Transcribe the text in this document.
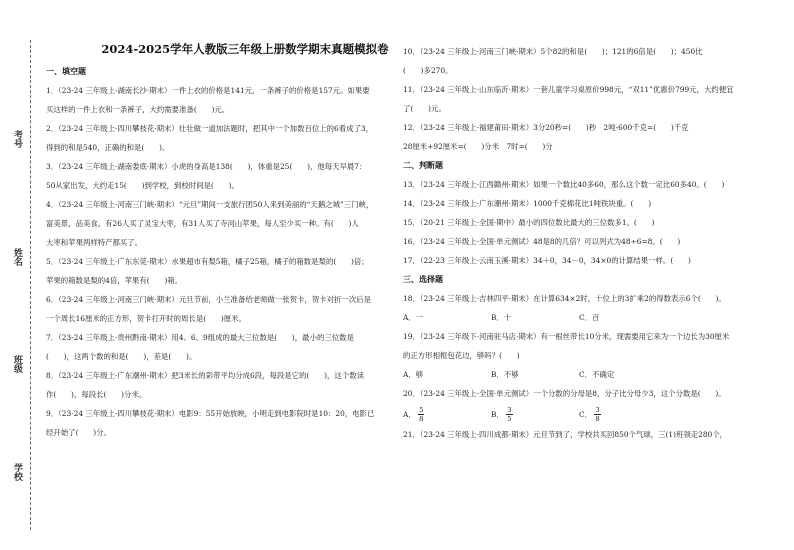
考号
姓名
班级
学校
2024-2025学年人教版三年级上册数学期末真题模拟卷

一、填空题

1．（23-24 三年级上·湖南长沙·期末）一件上衣的价格是141元，一条裤子的价格是157元。如果要

买这样的一件上衣和一条裤子，大约需要准备(　　)元。

2．（23-24 三年级上·四川攀枝花·期末）壮壮做一道加法题时，把其中一个加数百位上的6看成了3，

得到的和是540，正确的和是(　　)。

3．（23-24 三年级上·湖南娄底·期末）小虎的身高是138(　　)，体重是25(　　)，他每天早晨7：

50从家出发，大约走15(　　)到学校，到校时间是(　　)。

4．（23-24 三年级上·河南三门峡·期末）“元旦”期间一支旅行团50人来到美丽的“天鹅之城”三门峡，

富美景，品美食。有26人买了灵宝大枣，有31人买了寺河山苹果，每人至少买一种。有(　　)人

大枣和苹果两样特产都买了。

5．（23-24 三年级上·广东东莞·期末）水果超市有梨5箱，橘子25箱，橘子的箱数是梨的(　　)倍；

苹果的箱数是梨的4倍，苹果有(　　)箱。

6．（23-24 三年级上·河南三门峡·期末）元旦节前，小兰准备给老师做一张贺卡，贺卡对折一次后是

一个周长16厘米的正方形，贺卡打开时的周长是(　　)厘米。

7．（23-24 三年级上·贵州黔南·期末）用4、6、9组成的最大三位数是(　　)，最小的三位数是

(　　)，这两个数的和是(　　)，差是(　　)。

8．（23-24 三年级上·广东潮州·期末）把3米长的彩带平均分成6段，每段是它的(　　)，这个数读

作(　　)，每段长(　　)分米。

9．（23-24 三年级上·四川攀枝花·期末）电影9：55开始放映，小明走到电影院时是10：20，电影已

经开始了(　　)分。

10．（23-24 三年级上·河南三门峡·期末）5个82的和是(　　)；121的6倍是(　　)；450比

(　　)多270。

11．（23-24 三年级上·山东临沂·期末）一套儿童学习桌原价998元，“双11”优惠价799元，大约便宜

了(　　)元。

12．（23-24 三年级上·福建莆田·期末）3分20秒=(　　)秒　2吨-600千克=(　　)千克

28厘米+92厘米=(　　)分米　7时=(　　)分

二、判断题

13．（23-24 三年级上·江西赣州·期末）如果一个数比40多60，那么这个数一定比60多40。(　　)

14．（23-24 三年级上·广东潮州·期末）1000千克棉花比1吨铁块重。(　　)

15．（20-21 三年级上·全国·期中）最小的四位数比最大的三位数多1。(　　)

16．（23-24 三年级上·全国·单元测试）48是8的几倍？可以列式为48÷6=8。(　　)

17．（22-23 三年级上·云南玉溪·期末）34＋0，34－0，34×0的计算结果一样。(　　)

三、选择题

18．（23-24 三年级上·吉林四平·期末）在计算634×2时，十位上的3扩乘2的得数表示6个(　　)。

A．一	B．十	C．百

19．（23-24 三年级下·河南驻马店·期末）有一根丝带长10分米，现需要用它来为一个边长为30厘米

的正方形相框包花边，够吗？(　　)

A．够	B．不够	C．不确定

20．（23-24 三年级上·全国·单元测试）一个分数的分母是8，分子比分母少3，这个分数是(　　)。

A． $\frac{5}{8}$	B． $\frac{3}{5}$	C． $\frac{3}{8}$

21．（23-24 三年级上·四川成都·期末）元旦节到了，学校共买回850个气球，三(1)班领走280个，
